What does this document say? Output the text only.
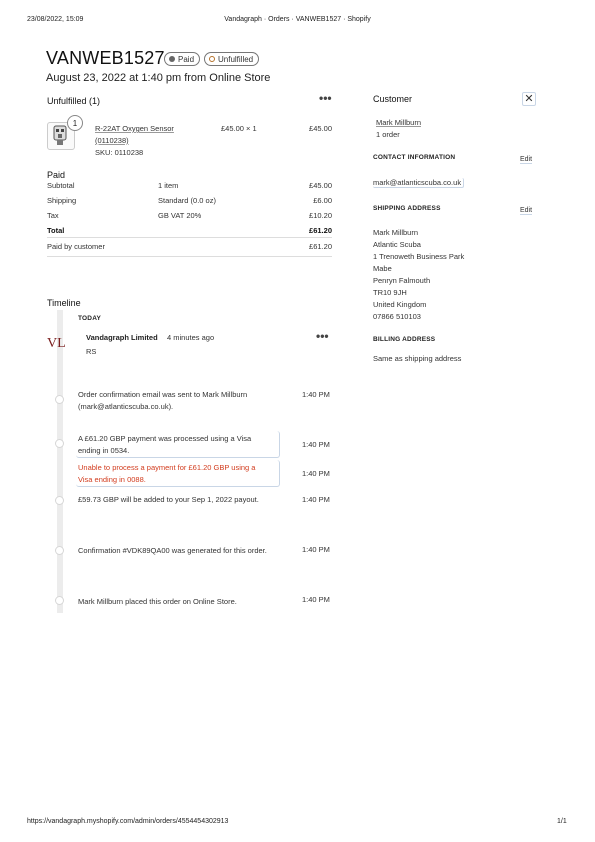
23/08/2022, 15:09	Vandagraph · Orders · VANWEB1527 · Shopify
https://vandagraph.myshopify.com/admin/orders/4554454302913	1/1
VANWEB1527 Paid	Unfulfilled
August 23, 2022 at 1:40 pm from Online Store
Unfulfilled (1)	•••
1
R-22AT Oxygen Sensor
(0110238)
SKU: 0110238
£45.00 × 1	£45.00
Paid
Subtotal	1 item	£45.00
Shipping	Standard (0.0 oz)	£6.00
Tax	GB VAT 20%	£10.20
Total	£61.20
Paid by customer	£61.20
Timeline
TODAY
VL	Vandagraph Limited 4 minutes ago
RS
•••
Order confirmation email was sent to Mark Millburn
(mark@atlanticscuba.co.uk).
1:40 PM
A £61.20 GBP payment was processed using a Visa
ending in 0534.
1:40 PM
Unable to process a payment for £61.20 GBP using a
Visa ending in 0088.
1:40 PM
£59.73 GBP will be added to your Sep 1, 2022 payout.	1:40 PM
Confirmation #VDK89QA00 was generated for this order.	1:40 PM
Mark Millburn placed this order on Online Store.	1:40 PM
Customer	✕
Mark Millburn
1 order
CONTACT INFORMATION	Edit
mark@atlanticscuba.co.uk
SHIPPING ADDRESS	Edit
Mark Millburn
Atlantic Scuba
1 Trenoweth Business Park
Mabe
Penryn Falmouth
TR10 9JH
United Kingdom
07866 510103
BILLING ADDRESS
Same as shipping address
